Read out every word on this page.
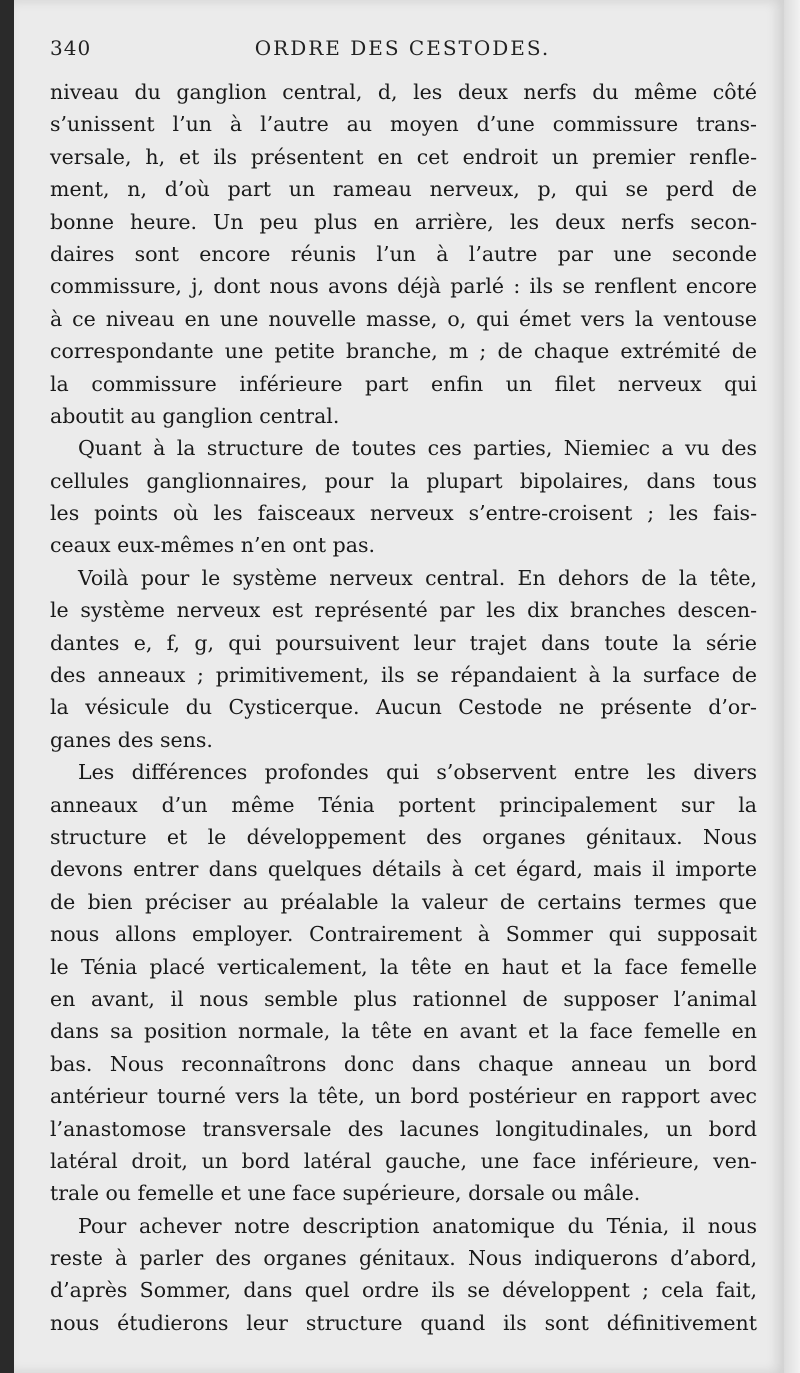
340	ORDRE DES CESTODES.
niveau du ganglion central, d, les deux nerfs du même côté
s’unissent l’un à l’autre au moyen d’une commissure trans-
versale, h, et ils présentent en cet endroit un premier renfle-
ment, n, d’où part un rameau nerveux, p, qui se perd de
bonne heure. Un peu plus en arrière, les deux nerfs secon-
daires sont encore réunis l’un à l’autre par une seconde
commissure, j, dont nous avons déjà parlé : ils se renflent encore
à ce niveau en une nouvelle masse, o, qui émet vers la ventouse
correspondante une petite branche, m ; de chaque extrémité de
la commissure inférieure part enfin un filet nerveux qui
aboutit au ganglion central.
Quant à la structure de toutes ces parties, Niemiec a vu des
cellules ganglionnaires, pour la plupart bipolaires, dans tous
les points où les faisceaux nerveux s’entre-croisent ; les fais-
ceaux eux-mêmes n’en ont pas.
Voilà pour le système nerveux central. En dehors de la tête,
le système nerveux est représenté par les dix branches descen-
dantes e, f, g, qui poursuivent leur trajet dans toute la série
des anneaux ; primitivement, ils se répandaient à la surface de
la vésicule du Cysticerque. Aucun Cestode ne présente d’or-
ganes des sens.
Les différences profondes qui s’observent entre les divers
anneaux d’un même Ténia portent principalement sur la
structure et le développement des organes génitaux. Nous
devons entrer dans quelques détails à cet égard, mais il importe
de bien préciser au préalable la valeur de certains termes que
nous allons employer. Contrairement à Sommer qui supposait
le Ténia placé verticalement, la tête en haut et la face femelle
en avant, il nous semble plus rationnel de supposer l’animal
dans sa position normale, la tête en avant et la face femelle en
bas. Nous reconnaîtrons donc dans chaque anneau un bord
antérieur tourné vers la tête, un bord postérieur en rapport avec
l’anastomose transversale des lacunes longitudinales, un bord
latéral droit, un bord latéral gauche, une face inférieure, ven-
trale ou femelle et une face supérieure, dorsale ou mâle.
Pour achever notre description anatomique du Ténia, il nous
reste à parler des organes génitaux. Nous indiquerons d’abord,
d’après Sommer, dans quel ordre ils se développent ; cela fait,
nous étudierons leur structure quand ils sont définitivement
